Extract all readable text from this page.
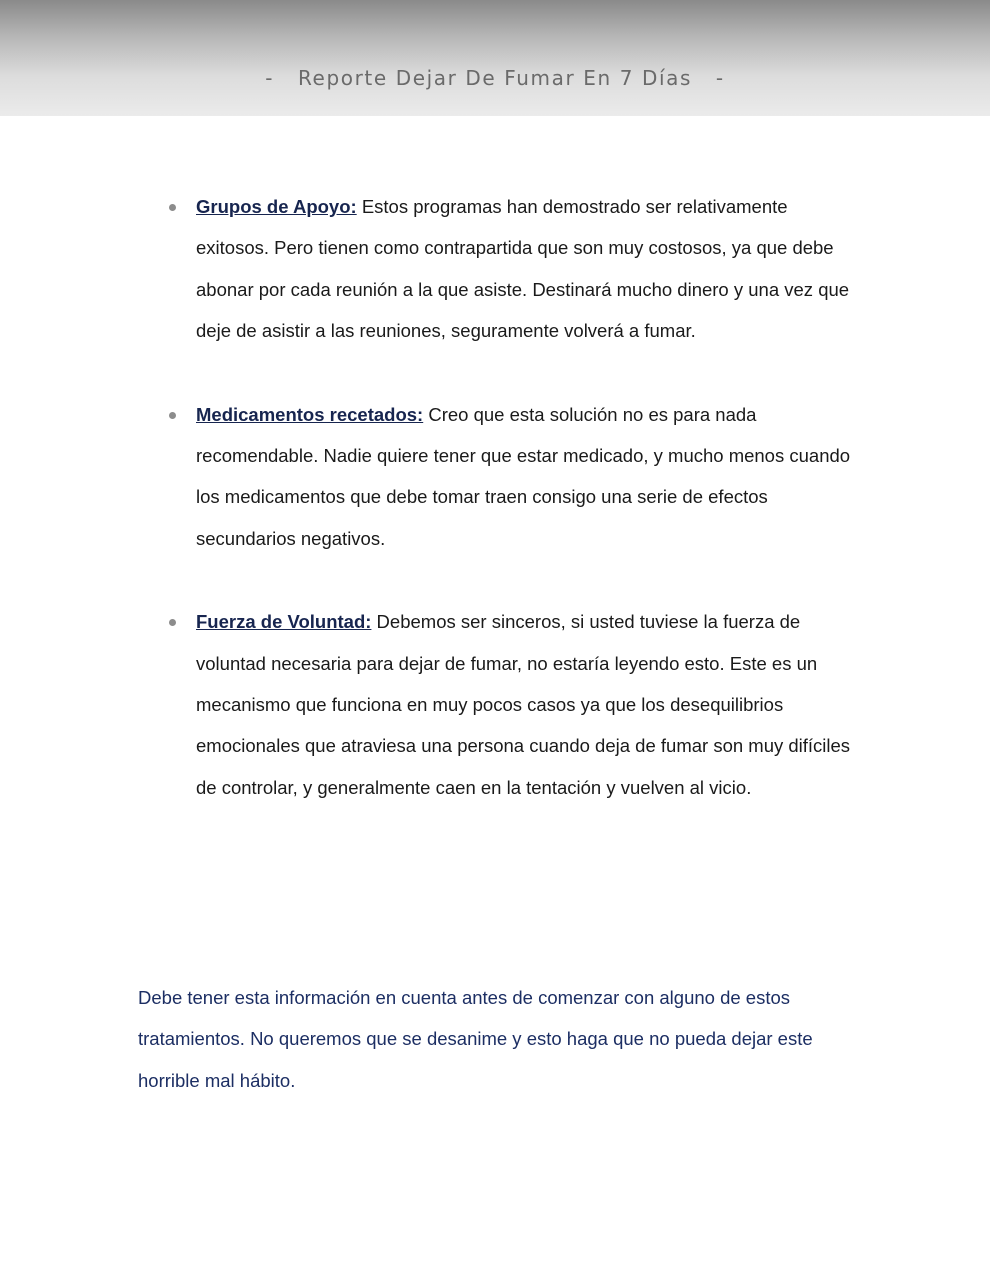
-   Reporte Dejar De Fumar En 7 Días   -
Grupos de Apoyo: Estos programas han demostrado ser relativamente exitosos. Pero tienen como contrapartida que son muy costosos, ya que debe abonar por cada reunión a la que asiste. Destinará mucho dinero y una vez que deje de asistir a las reuniones, seguramente volverá a fumar.
Medicamentos recetados: Creo que esta solución no es para nada recomendable. Nadie quiere tener que estar medicado, y mucho menos cuando los medicamentos que debe tomar traen consigo una serie de efectos secundarios negativos.
Fuerza de Voluntad: Debemos ser sinceros, si usted tuviese la fuerza de voluntad necesaria para dejar de fumar, no estaría leyendo esto. Este es un mecanismo que funciona en muy pocos casos ya que los desequilibrios emocionales que atraviesa una persona cuando deja de fumar son muy difíciles de controlar, y generalmente caen en la tentación y vuelven al vicio.
Debe tener esta información en cuenta antes de comenzar con alguno de estos tratamientos. No queremos que se desanime y esto haga que no pueda dejar este horrible mal hábito.
